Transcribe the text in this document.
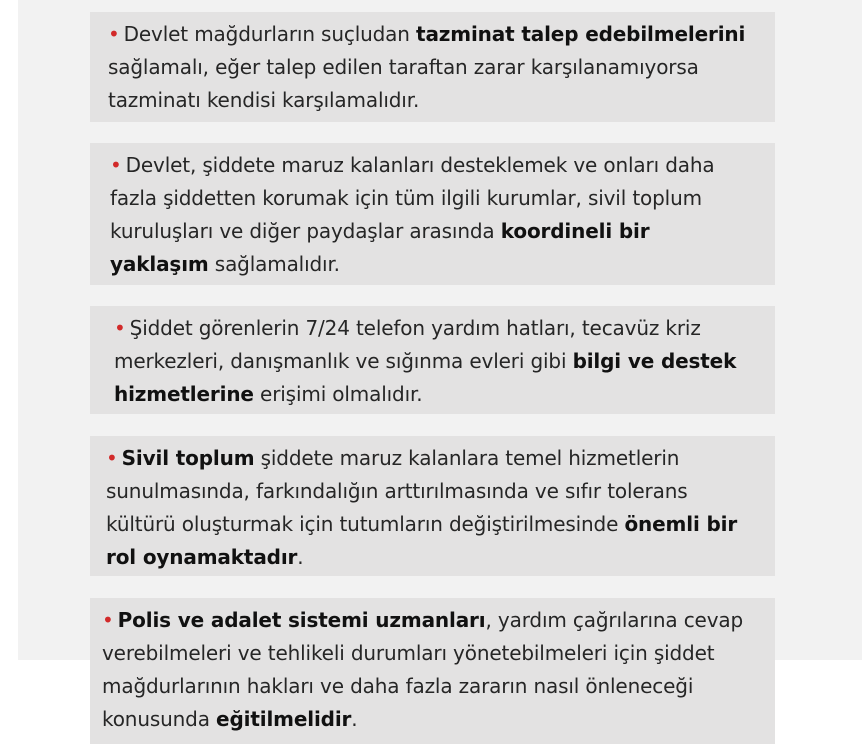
• Devlet mağdurların suçludan tazminat talep edebilmelerini sağlamalı, eğer talep edilen taraftan zarar karşılanamıyorsa tazminatı kendisi karşılamalıdır.
• Devlet, şiddete maruz kalanları desteklemek ve onları daha fazla şiddetten korumak için tüm ilgili kurumlar, sivil toplum kuruluşları ve diğer paydaşlar arasında koordineli bir yaklaşım sağlamalıdır.
• Şiddet görenlerin 7/24 telefon yardım hatları, tecavüz kriz merkezleri, danışmanlık ve sığınma evleri gibi bilgi ve destek hizmetlerine erişimi olmalıdır.
• Sivil toplum şiddete maruz kalanlara temel hizmetlerin sunulmasında, farkındalığın arttırılmasında ve sıfır tolerans kültürü oluşturmak için tutumların değiştirilmesinde önemli bir rol oynamaktadır.
• Polis ve adalet sistemi uzmanları, yardım çağrılarına cevap verebilmeleri ve tehlikeli durumları yönetebilmeleri için şiddet mağdurlarının hakları ve daha fazla zararın nasıl önleneceği konusunda eğitilmelidir.
